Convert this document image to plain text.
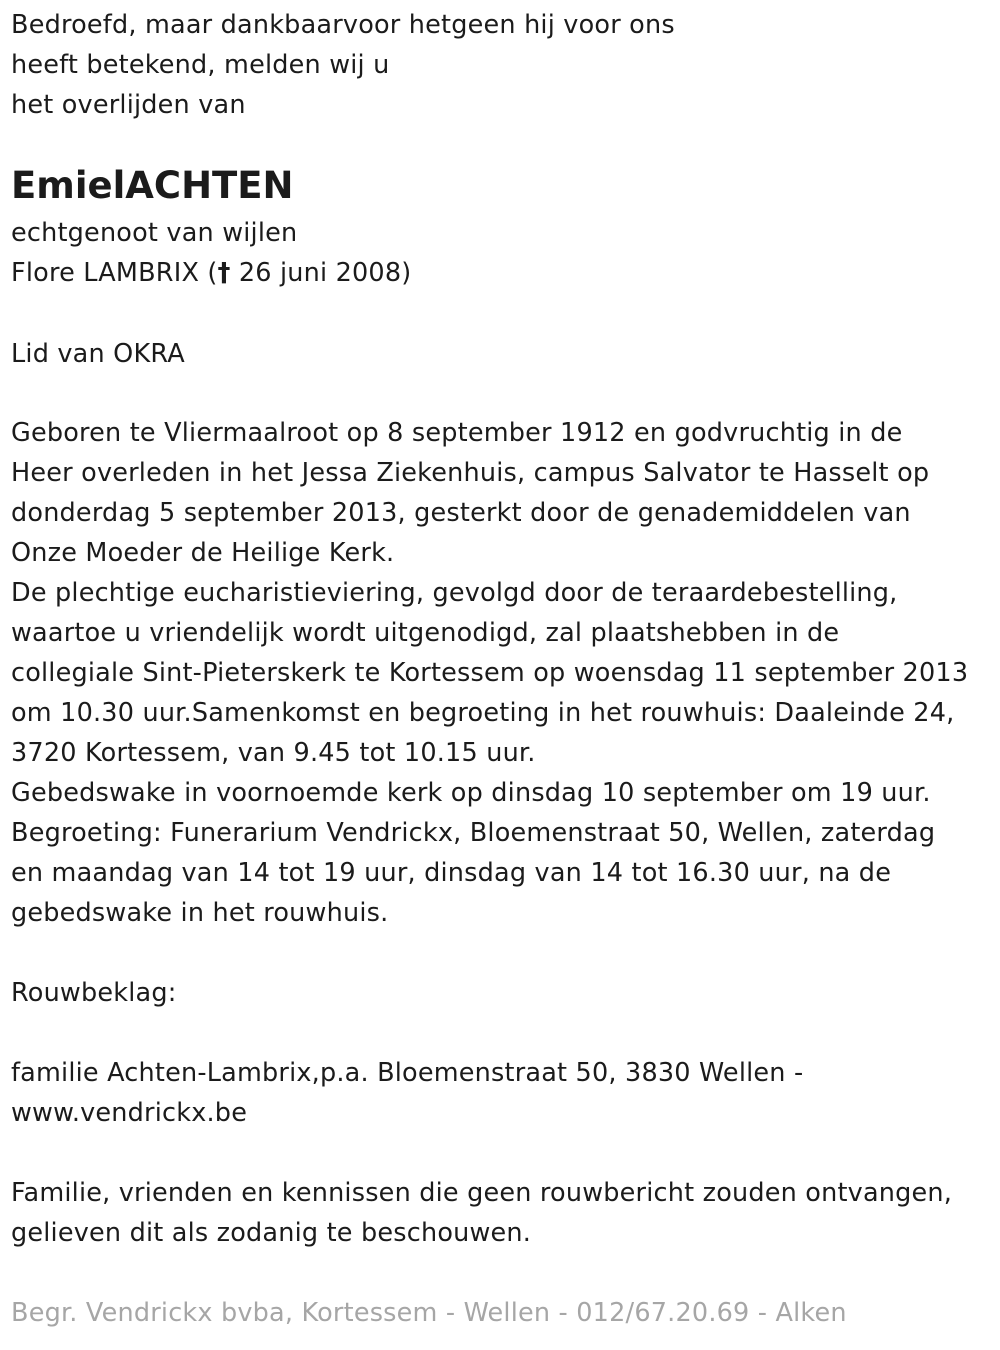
Bedroefd, maar dankbaarvoor hetgeen hij voor ons
heeft betekend, melden wij u
het overlijden van
EmielACHTEN
echtgenoot van wijlen
Flore LAMBRIX († 26 juni 2008)
Lid van OKRA
Geboren te Vliermaalroot op 8 september 1912 en godvruchtig in de
Heer overleden in het Jessa Ziekenhuis, campus Salvator te Hasselt op
donderdag 5 september 2013, gesterkt door de genademiddelen van
Onze Moeder de Heilige Kerk.
De plechtige eucharistieviering, gevolgd door de teraardebestelling,
waartoe u vriendelijk wordt uitgenodigd, zal plaatshebben in de
collegiale Sint-Pieterskerk te Kortessem op woensdag 11 september 2013
om 10.30 uur.Samenkomst en begroeting in het rouwhuis: Daaleinde 24,
3720 Kortessem, van 9.45 tot 10.15 uur.
Gebedswake in voornoemde kerk op dinsdag 10 september om 19 uur.
Begroeting: Funerarium Vendrickx, Bloemenstraat 50, Wellen, zaterdag
en maandag van 14 tot 19 uur, dinsdag van 14 tot 16.30 uur, na de
gebedswake in het rouwhuis.
Rouwbeklag:
familie Achten-Lambrix,p.a. Bloemenstraat 50, 3830 Wellen -
www.vendrickx.be
Familie, vrienden en kennissen die geen rouwbericht zouden ontvangen,
gelieven dit als zodanig te beschouwen.
Begr. Vendrickx bvba, Kortessem - Wellen - 012/67.20.69 - Alken
